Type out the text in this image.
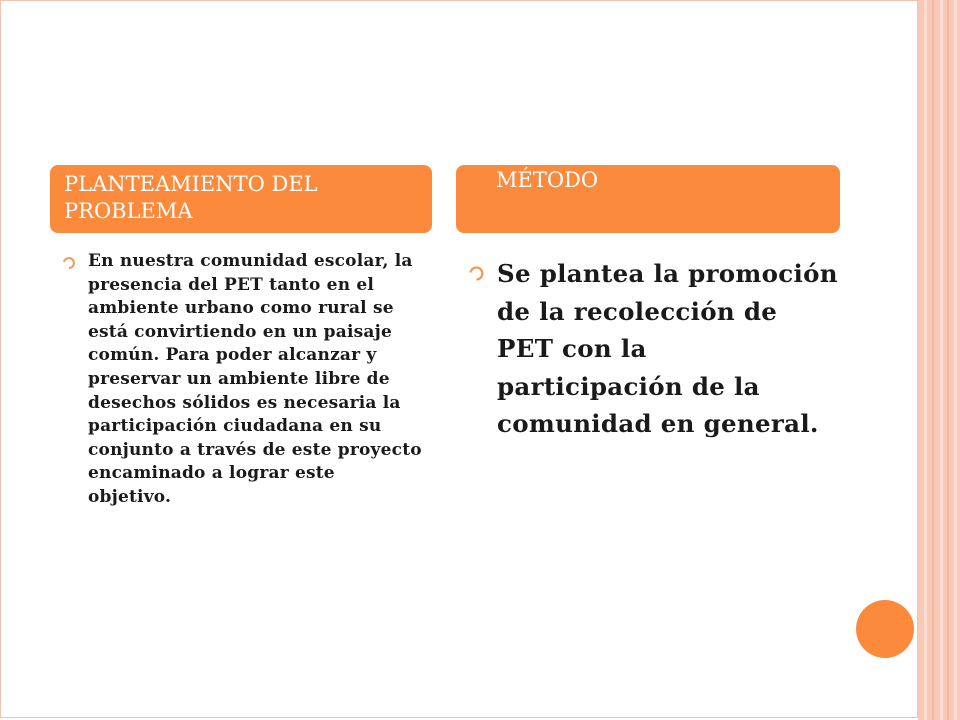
PLANTEAMIENTO DEL PROBLEMA
MÉTODO
En nuestra comunidad escolar, la presencia del PET tanto en el ambiente urbano como rural se está convirtiendo en un paisaje común. Para poder alcanzar y preservar un ambiente libre de desechos sólidos es necesaria la participación ciudadana en su conjunto a través de este proyecto encaminado a lograr este objetivo.
Se plantea la promoción de la recolección de PET con la participación de la comunidad en general.
